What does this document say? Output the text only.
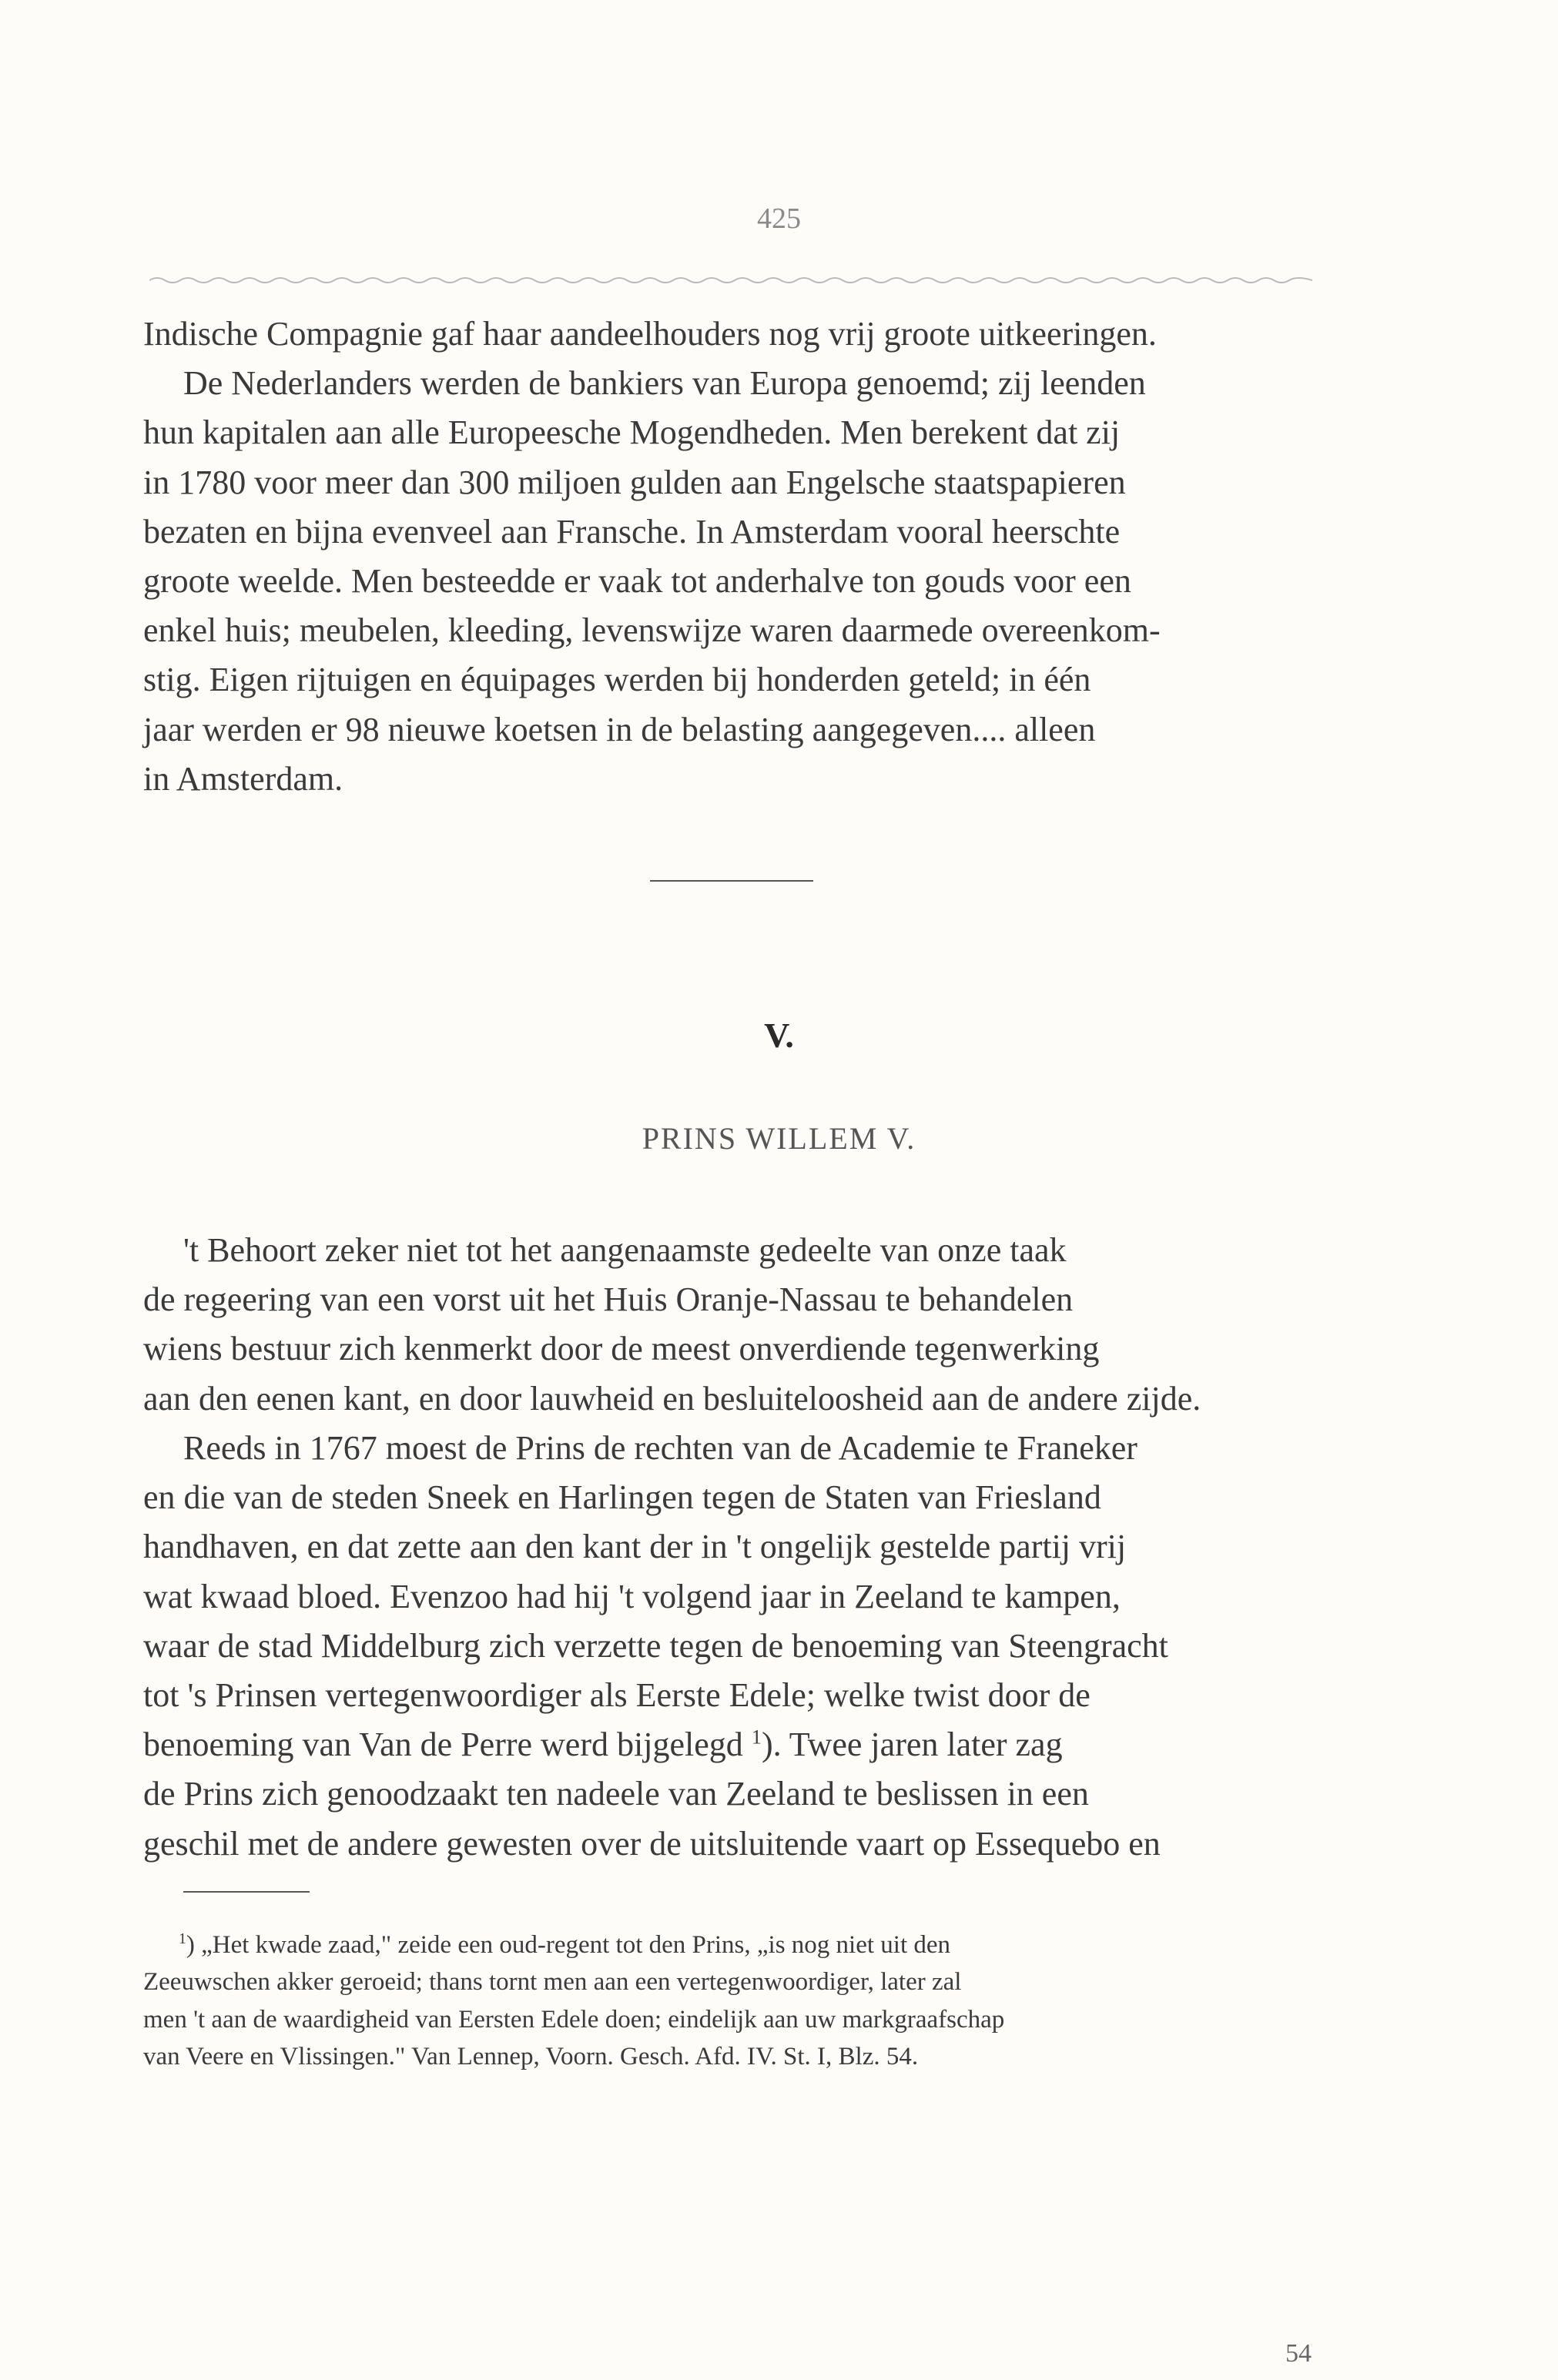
425

Indische Compagnie gaf haar aandeelhouders nog vrij groote uitkeeringen.

De Nederlanders werden de bankiers van Europa genoemd; zij leenden

hun kapitalen aan alle Europeesche Mogendheden. Men berekent dat zij

in 1780 voor meer dan 300 miljoen gulden aan Engelsche staatspapieren

bezaten en bijna evenveel aan Fransche. In Amsterdam vooral heerschte

groote weelde. Men besteedde er vaak tot anderhalve ton gouds voor een

enkel huis; meubelen, kleeding, levenswijze waren daarmede overeenkom-

stig. Eigen rijtuigen en équipages werden bij honderden geteld; in één

jaar werden er 98 nieuwe koetsen in de belasting aangegeven.... alleen

in Amsterdam.

V.
PRINS WILLEM V.

't Behoort zeker niet tot het aangenaamste gedeelte van onze taak

de regeering van een vorst uit het Huis Oranje-Nassau te behandelen

wiens bestuur zich kenmerkt door de meest onverdiende tegenwerking

aan den eenen kant, en door lauwheid en besluiteloosheid aan de andere zijde.

Reeds in 1767 moest de Prins de rechten van de Academie te Franeker

en die van de steden Sneek en Harlingen tegen de Staten van Friesland

handhaven, en dat zette aan den kant der in 't ongelijk gestelde partij vrij

wat kwaad bloed. Evenzoo had hij 't volgend jaar in Zeeland te kampen,

waar de stad Middelburg zich verzette tegen de benoeming van Steengracht

tot 's Prinsen vertegenwoordiger als Eerste Edele; welke twist door de

benoeming van Van de Perre werd bijgelegd $^1$). Twee jaren later zag

de Prins zich genoodzaakt ten nadeele van Zeeland te beslissen in een

geschil met de andere gewesten over de uitsluitende vaart op Essequebo en

$^1$) „Het kwade zaad," zeide een oud-regent tot den Prins, „is nog niet uit den

Zeeuwschen akker geroeid; thans tornt men aan een vertegenwoordiger, later zal

men 't aan de waardigheid van Eersten Edele doen; eindelijk aan uw markgraafschap

van Veere en Vlissingen." Van Lennep, Voorn. Gesch. Afd. IV. St. I, Blz. 54.

54
